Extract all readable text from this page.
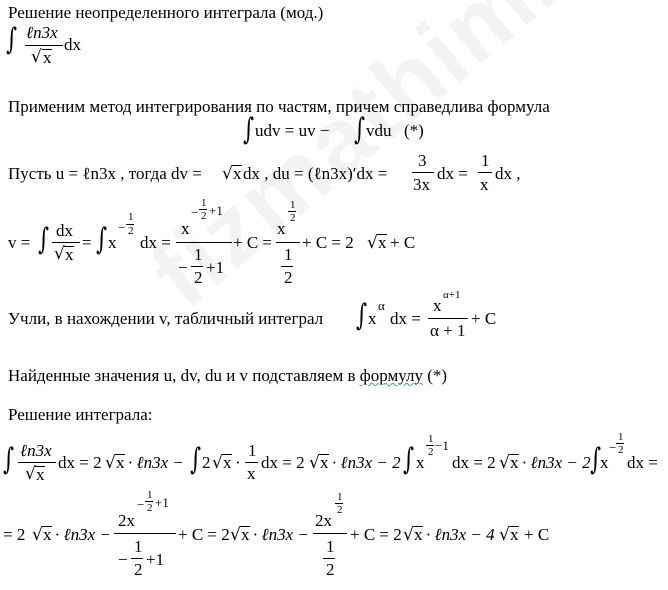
Решение неопределенного интеграла (мод.)
∫ ℓn3x
√ x
dx
Применим метод интегрирования по частям, причем справедлива формула
∫ udv = uv − ∫ vdu (*)
Пусть u = ℓn3x , тогда dv = √ x dx , du = (ℓn3x)′dx =
3
3x
dx =
1
x
dx ,
v = ∫ dx
√ x
= ∫ x
−
1
2
dx =
x
−
1
2 +1
−
1
2
+1
+ C =
x
1
2
1
2
+ C = 2 √ x + C
Учли, в нахождении v, табличный интеграл ∫ x
α
dx =
x
α+1
α + 1
+ C
Найденные значения u, dv, du и v подставляем в формулу (*)
Решение интеграла:
∫ ℓn3x
√ x
dx = 2 √ x · ℓn3x − ∫ 2 √ x ·
1
x
dx = 2 √ x · ℓn3x − 2 ∫ x
1
2 −1
dx = 2 √ x · ℓn3x − 2 ∫ x
−
1
2
dx =
= 2 √ x · ℓn3x −
2x
−
1
2 +1
−
1
2
+1
+ C = 2 √ x · ℓn3x −
2x
1
2
1
2
+ C = 2 √ x · ℓn3x − 4 √ x + C
